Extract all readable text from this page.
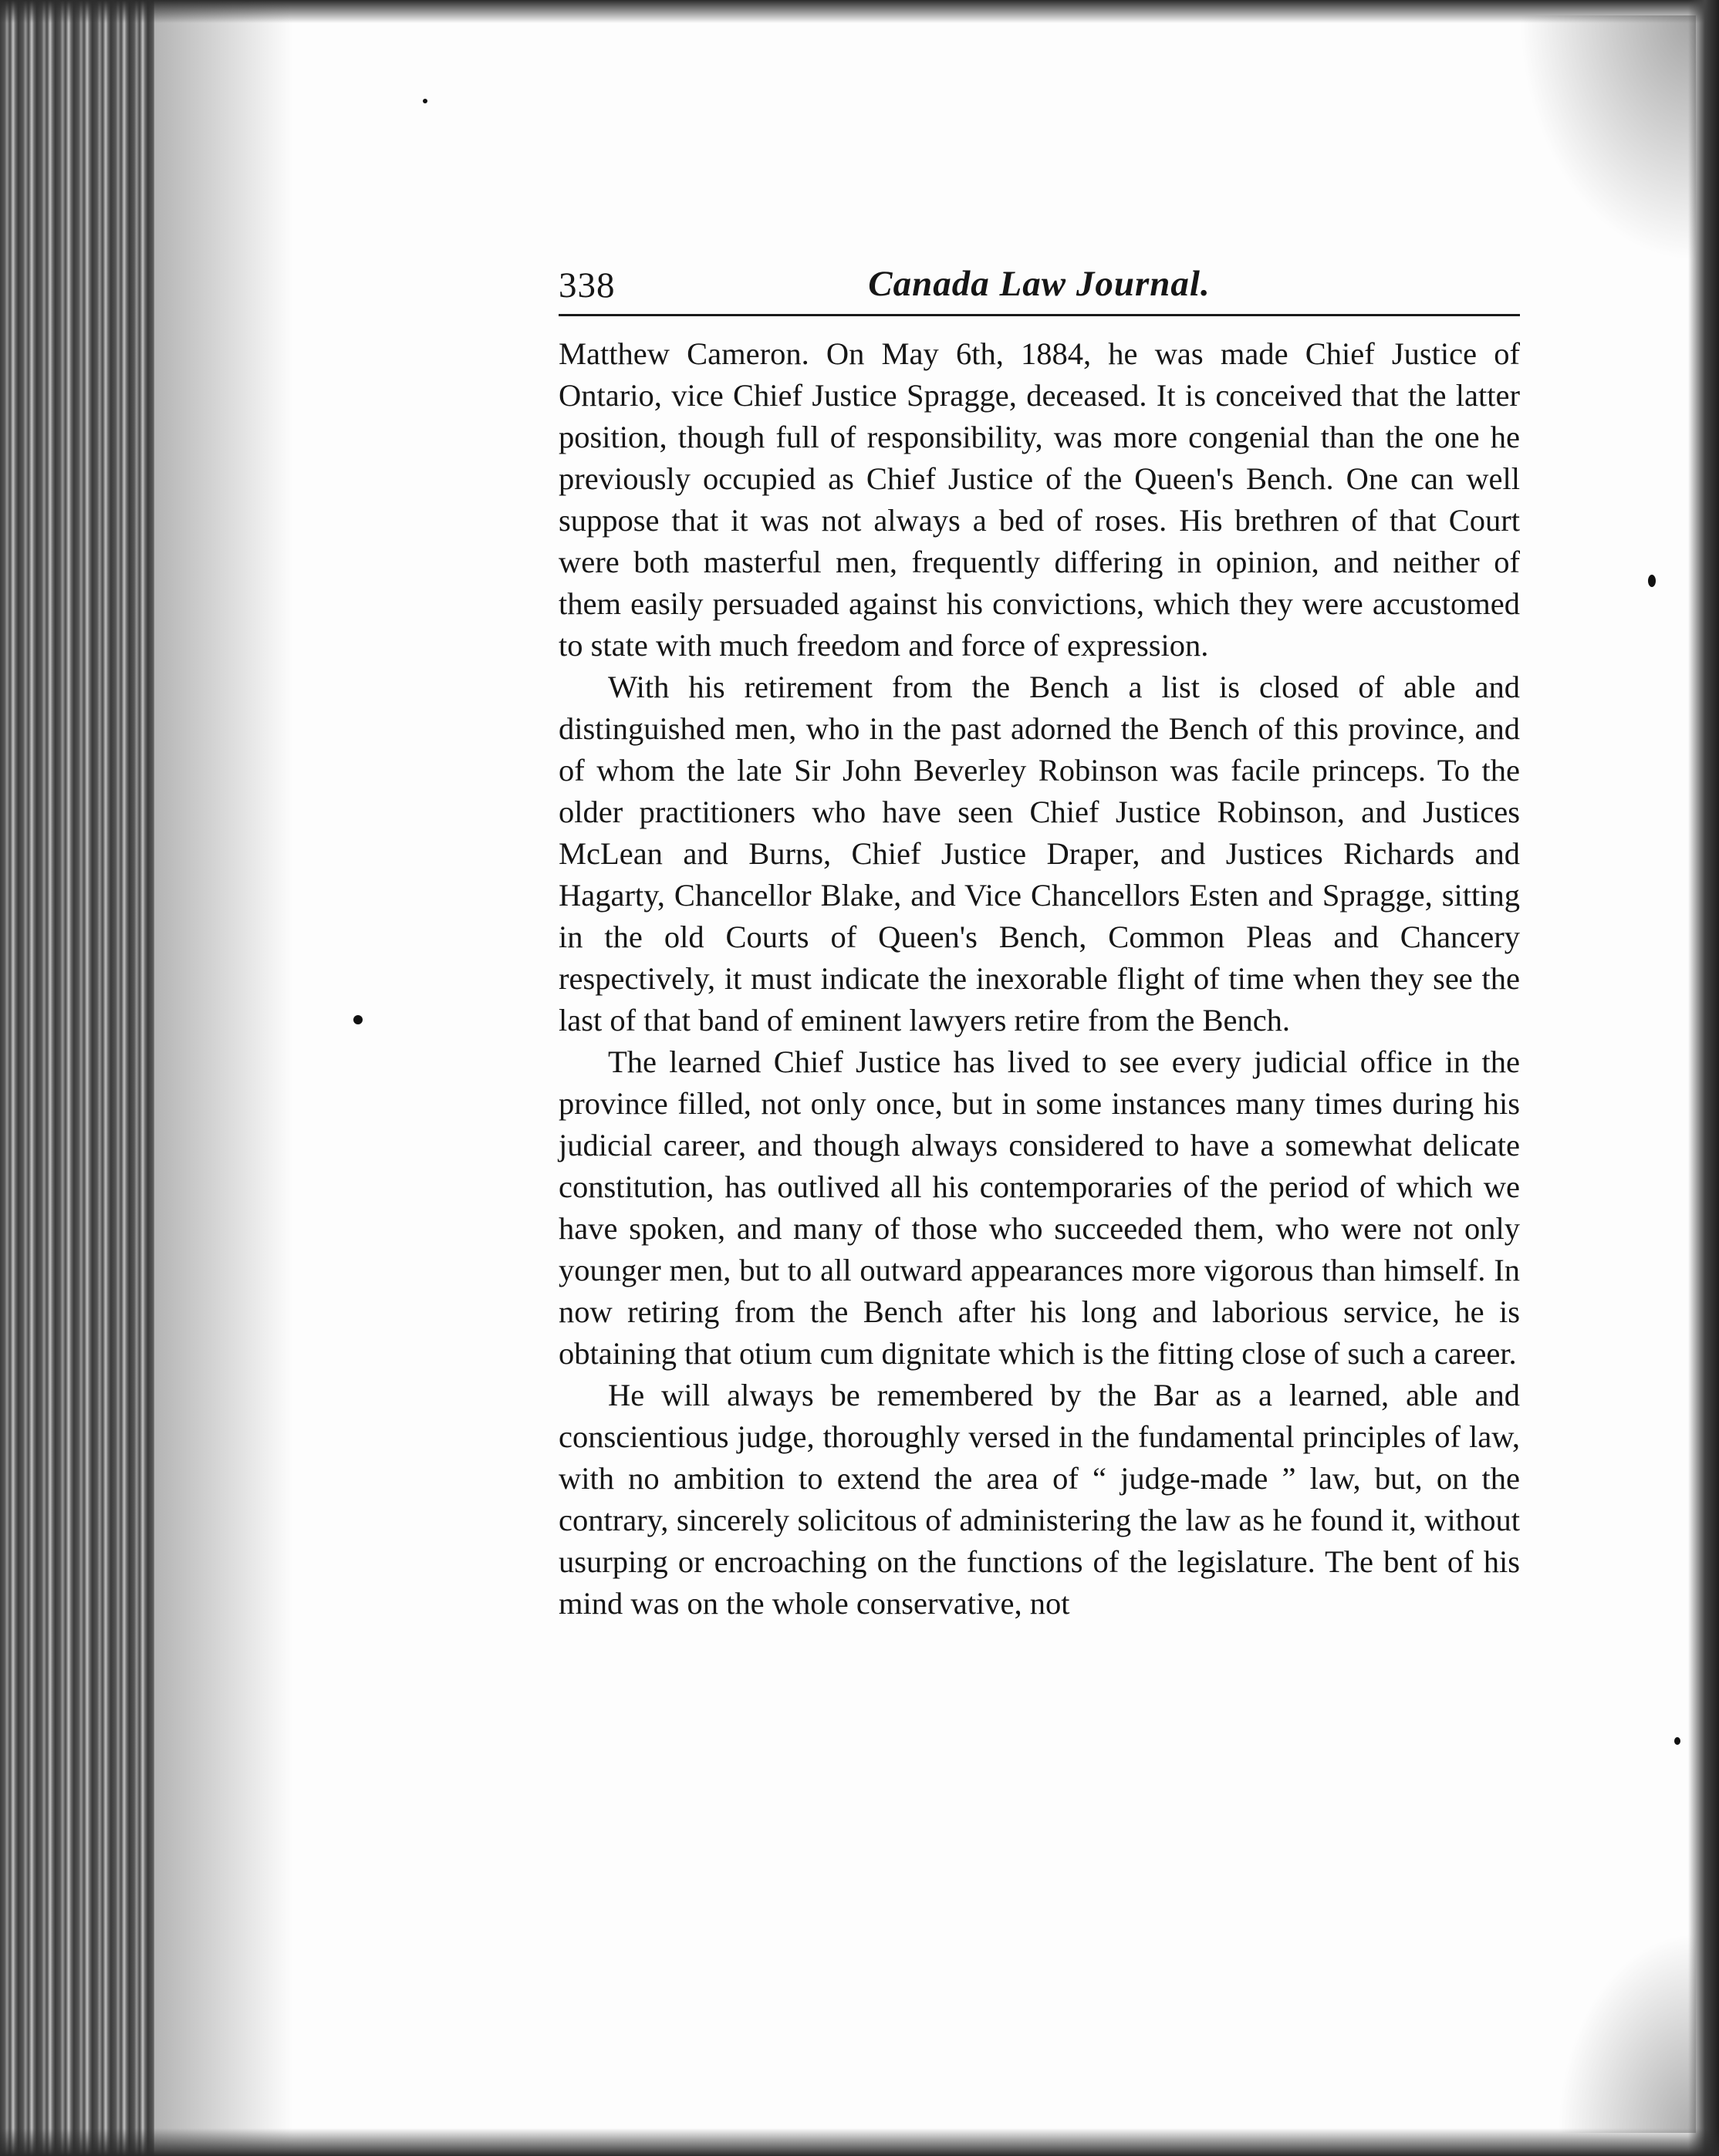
338	Canada Law Journal.

Matthew Cameron. On May 6th, 1884, he was made Chief Justice of Ontario, vice Chief Justice Spragge, deceased. It is conceived that the latter position, though full of responsibility, was more congenial than the one he previously occupied as Chief Justice of the Queen's Bench. One can well suppose that it was not always a bed of roses. His brethren of that Court were both masterful men, frequently differing in opinion, and neither of them easily persuaded against his convictions, which they were accustomed to state with much freedom and force of expression.

With his retirement from the Bench a list is closed of able and distinguished men, who in the past adorned the Bench of this province, and of whom the late Sir John Beverley Robinson was facile princeps. To the older practitioners who have seen Chief Justice Robinson, and Justices McLean and Burns, Chief Justice Draper, and Justices Richards and Hagarty, Chancellor Blake, and Vice Chancellors Esten and Spragge, sitting in the old Courts of Queen's Bench, Common Pleas and Chancery respectively, it must indicate the inexorable flight of time when they see the last of that band of eminent lawyers retire from the Bench.

The learned Chief Justice has lived to see every judicial office in the province filled, not only once, but in some instances many times during his judicial career, and though always considered to have a somewhat delicate constitution, has outlived all his contemporaries of the period of which we have spoken, and many of those who succeeded them, who were not only younger men, but to all outward appearances more vigorous than himself. In now retiring from the Bench after his long and laborious service, he is obtaining that otium cum dignitate which is the fitting close of such a career.

He will always be remembered by the Bar as a learned, able and conscientious judge, thoroughly versed in the fundamental principles of law, with no ambition to extend the area of “ judge-made ” law, but, on the contrary, sincerely solicitous of administering the law as he found it, without usurping or encroaching on the functions of the legislature. The bent of his mind was on the whole conservative, not
